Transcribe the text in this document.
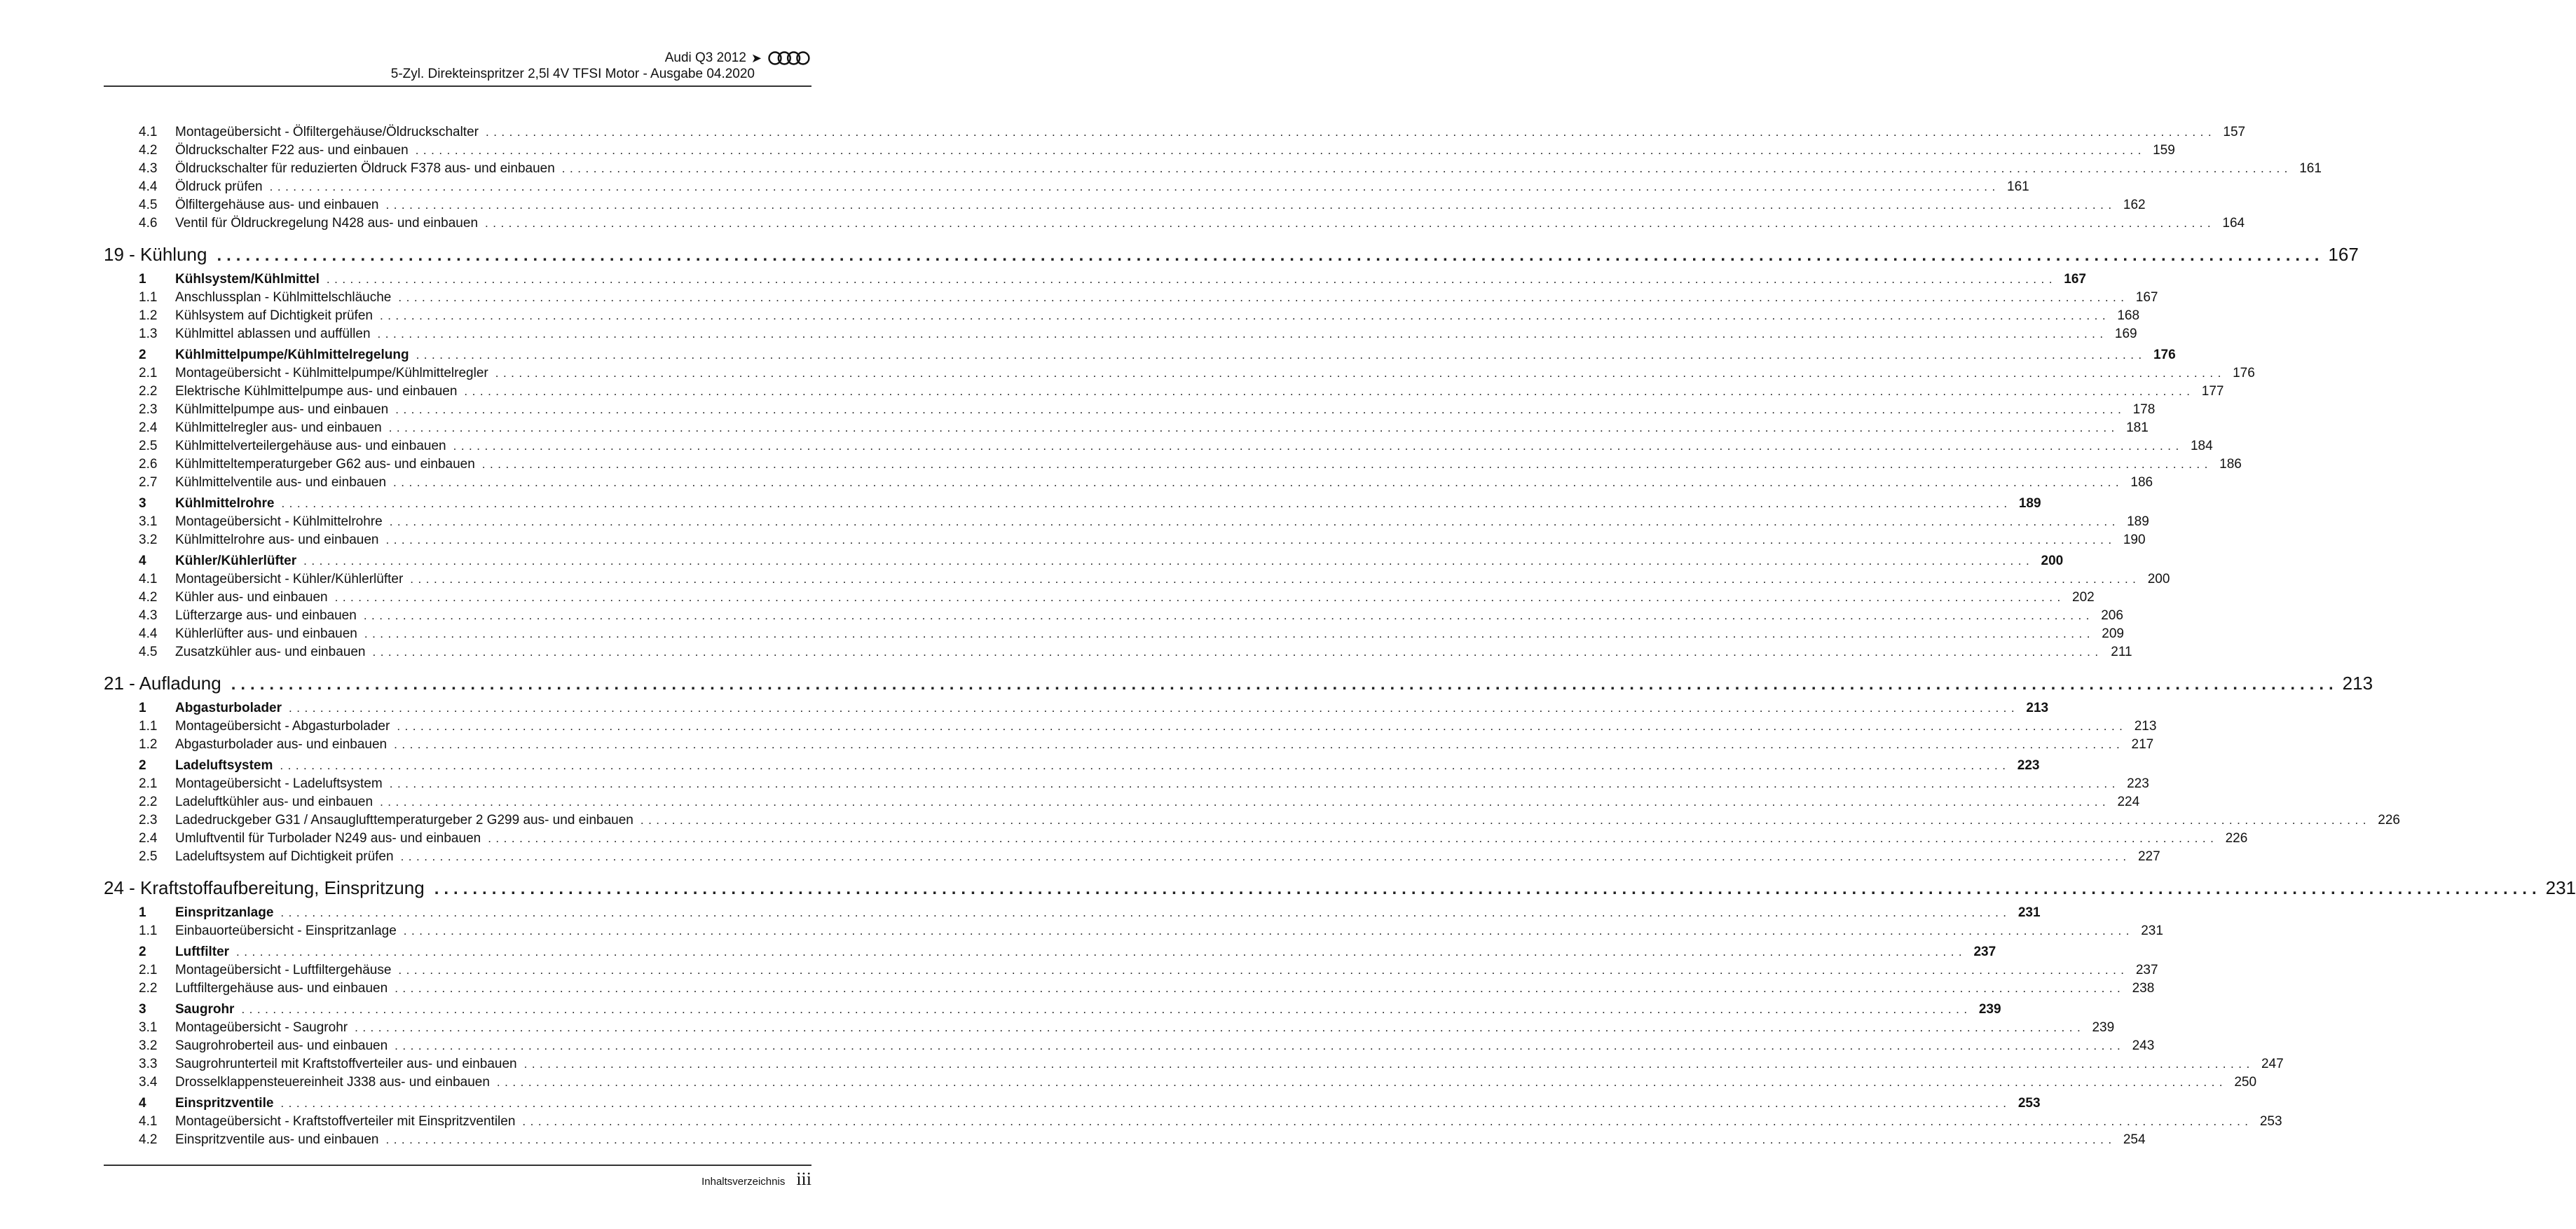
Audi Q3 2012 ➤
5-Zyl. Direkteinspritzer 2,5l 4V TFSI Motor - Ausgabe 04.2020
4.1	Montageübersicht - Ölfiltergehäuse/Öldruckschalter ............................................................................................................................................................................................................................ 157
4.2	Öldruckschalter F22 aus- und einbauen ............................................................................................................................................................................................................................ 159
4.3	Öldruckschalter für reduzierten Öldruck F378 aus- und einbauen ............................................................................................................................................................................................................................ 161
4.4	Öldruck prüfen ............................................................................................................................................................................................................................ 161
4.5	Ölfiltergehäuse aus- und einbauen ............................................................................................................................................................................................................................ 162
4.6	Ventil für Öldruckregelung N428 aus- und einbauen ............................................................................................................................................................................................................................ 164
19 - Kühlung ............................................................................................................................................................................................................................ 167
1	Kühlsystem/Kühlmittel ............................................................................................................................................................................................................................ 167
1.1	Anschlussplan - Kühlmittelschläuche ............................................................................................................................................................................................................................ 167
1.2	Kühlsystem auf Dichtigkeit prüfen ............................................................................................................................................................................................................................ 168
1.3	Kühlmittel ablassen und auffüllen ............................................................................................................................................................................................................................ 169
2	Kühlmittelpumpe/Kühlmittelregelung ............................................................................................................................................................................................................................ 176
2.1	Montageübersicht - Kühlmittelpumpe/Kühlmittelregler ............................................................................................................................................................................................................................ 176
2.2	Elektrische Kühlmittelpumpe aus- und einbauen ............................................................................................................................................................................................................................ 177
2.3	Kühlmittelpumpe aus- und einbauen ............................................................................................................................................................................................................................ 178
2.4	Kühlmittelregler aus- und einbauen ............................................................................................................................................................................................................................ 181
2.5	Kühlmittelverteilergehäuse aus- und einbauen ............................................................................................................................................................................................................................ 184
2.6	Kühlmitteltemperaturgeber G62 aus- und einbauen ............................................................................................................................................................................................................................ 186
2.7	Kühlmittelventile aus- und einbauen ............................................................................................................................................................................................................................ 186
3	Kühlmittelrohre ............................................................................................................................................................................................................................ 189
3.1	Montageübersicht - Kühlmittelrohre ............................................................................................................................................................................................................................ 189
3.2	Kühlmittelrohre aus- und einbauen ............................................................................................................................................................................................................................ 190
4	Kühler/Kühlerlüfter ............................................................................................................................................................................................................................ 200
4.1	Montageübersicht - Kühler/Kühlerlüfter ............................................................................................................................................................................................................................ 200
4.2	Kühler aus- und einbauen ............................................................................................................................................................................................................................ 202
4.3	Lüfterzarge aus- und einbauen ............................................................................................................................................................................................................................ 206
4.4	Kühlerlüfter aus- und einbauen ............................................................................................................................................................................................................................ 209
4.5	Zusatzkühler aus- und einbauen ............................................................................................................................................................................................................................ 211
21 - Aufladung ............................................................................................................................................................................................................................ 213
1	Abgasturbolader ............................................................................................................................................................................................................................ 213
1.1	Montageübersicht - Abgasturbolader ............................................................................................................................................................................................................................ 213
1.2	Abgasturbolader aus- und einbauen ............................................................................................................................................................................................................................ 217
2	Ladeluftsystem ............................................................................................................................................................................................................................ 223
2.1	Montageübersicht - Ladeluftsystem ............................................................................................................................................................................................................................ 223
2.2	Ladeluftkühler aus- und einbauen ............................................................................................................................................................................................................................ 224
2.3	Ladedruckgeber G31 / Ansauglufttemperaturgeber 2 G299 aus- und einbauen ............................................................................................................................................................................................................................ 226
2.4	Umluftventil für Turbolader N249 aus- und einbauen ............................................................................................................................................................................................................................ 226
2.5	Ladeluftsystem auf Dichtigkeit prüfen ............................................................................................................................................................................................................................ 227
24 - Kraftstoffaufbereitung, Einspritzung ............................................................................................................................................................................................................................ 231
1	Einspritzanlage ............................................................................................................................................................................................................................ 231
1.1	Einbauorteübersicht - Einspritzanlage ............................................................................................................................................................................................................................ 231
2	Luftfilter ............................................................................................................................................................................................................................ 237
2.1	Montageübersicht - Luftfiltergehäuse ............................................................................................................................................................................................................................ 237
2.2	Luftfiltergehäuse aus- und einbauen ............................................................................................................................................................................................................................ 238
3	Saugrohr ............................................................................................................................................................................................................................ 239
3.1	Montageübersicht - Saugrohr ............................................................................................................................................................................................................................ 239
3.2	Saugrohroberteil aus- und einbauen ............................................................................................................................................................................................................................ 243
3.3	Saugrohrunterteil mit Kraftstoffverteiler aus- und einbauen ............................................................................................................................................................................................................................ 247
3.4	Drosselklappensteuereinheit J338 aus- und einbauen ............................................................................................................................................................................................................................ 250
4	Einspritzventile ............................................................................................................................................................................................................................ 253
4.1	Montageübersicht - Kraftstoffverteiler mit Einspritzventilen ............................................................................................................................................................................................................................ 253
4.2	Einspritzventile aus- und einbauen ............................................................................................................................................................................................................................ 254
Inhaltsverzeichnis iii
